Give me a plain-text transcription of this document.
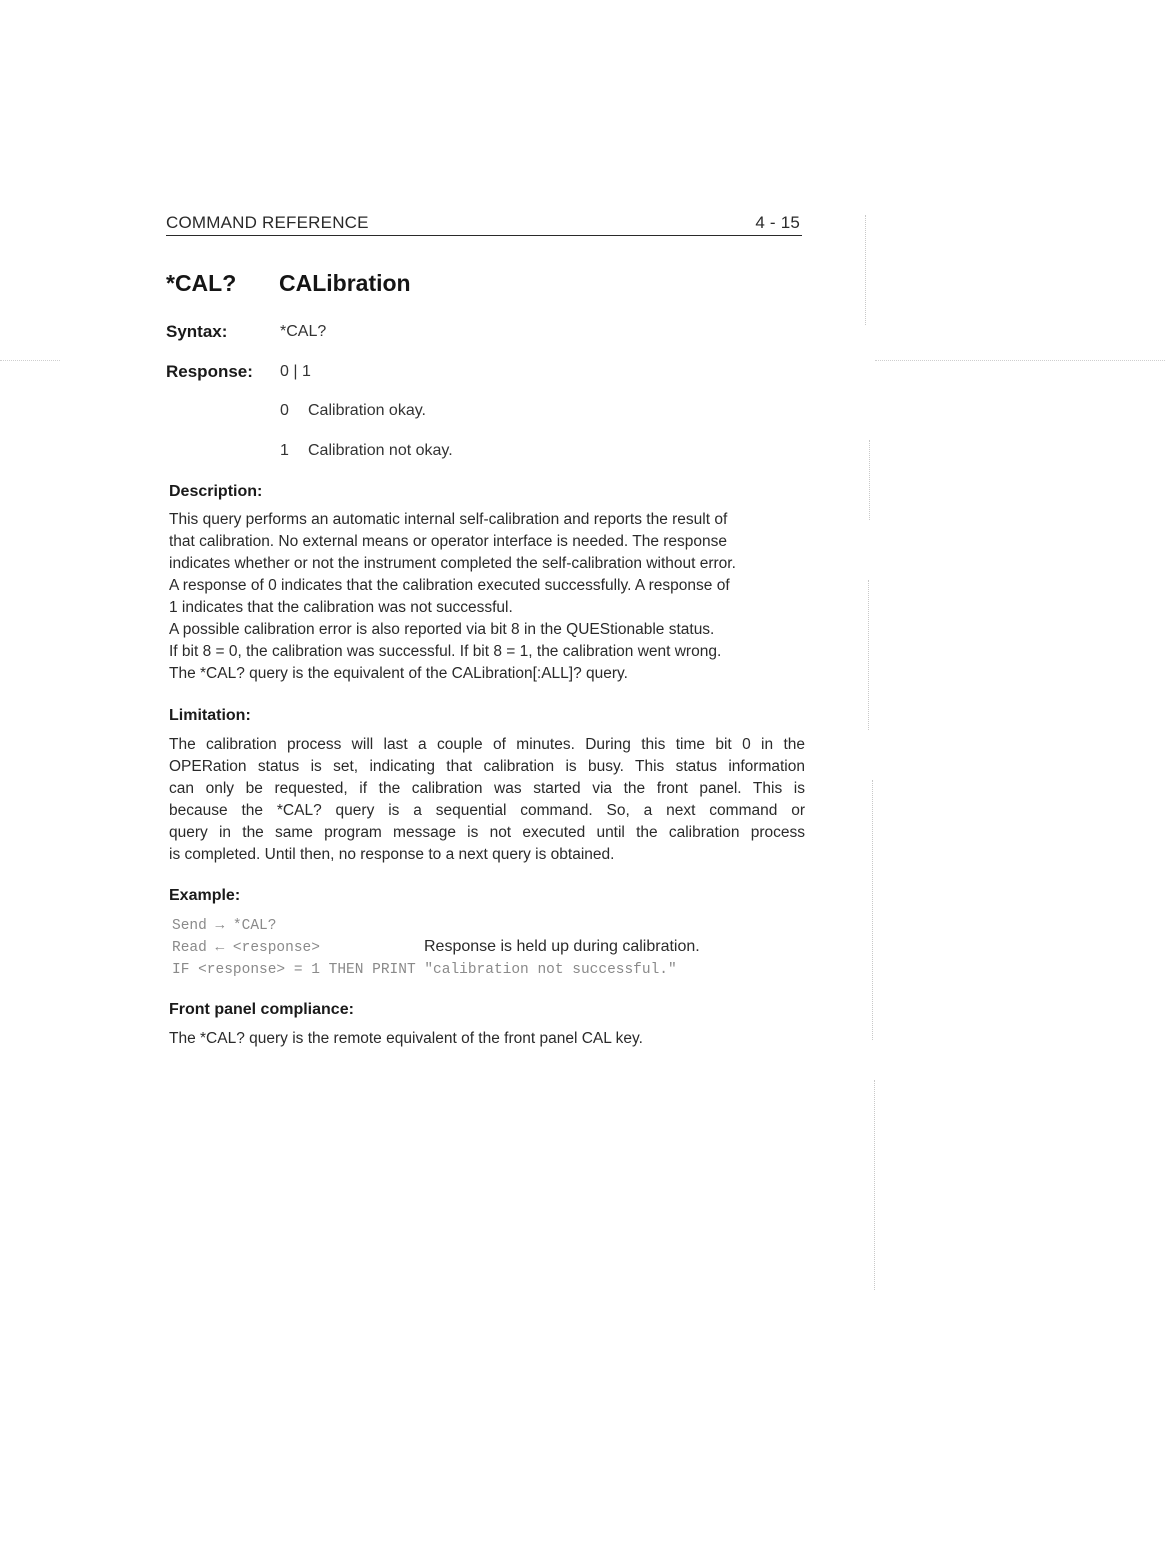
COMMAND REFERENCE	4 - 15
*CAL? CALibration
Syntax:	*CAL?
Response: 0 | 1
0 Calibration okay.
1 Calibration not okay.
Description:
This query performs an automatic internal self-calibration and reports the result of
that calibration. No external means or operator interface is needed. The response
indicates whether or not the instrument completed the self-calibration without error.
A response of 0 indicates that the calibration executed successfully. A response of
1 indicates that the calibration was not successful.
A possible calibration error is also reported via bit 8 in the QUEStionable status.
If bit 8 = 0, the calibration was successful. If bit 8 = 1, the calibration went wrong.
The *CAL? query is the equivalent of the CALibration[:ALL]? query.
Limitation:
The calibration process will last a couple of minutes. During this time bit 0 in the
OPERation status is set, indicating that calibration is busy. This status information
can only be requested, if the calibration was started via the front panel. This is
because the *CAL? query is a sequential command. So, a next command or
query in the same program message is not executed until the calibration process
is completed. Until then, no response to a next query is obtained.
Example:
Send → *CAL?
Read ← <response>	Response is held up during calibration.
IF <response> = 1 THEN PRINT "calibration not successful."
Front panel compliance:
The *CAL? query is the remote equivalent of the front panel CAL key.
